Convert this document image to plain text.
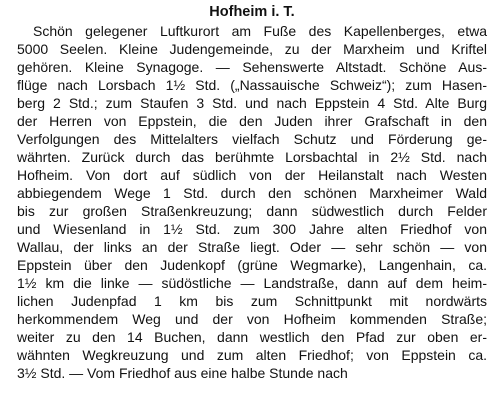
Hofheim i. T.
Schön gelegener Luftkurort am Fuße des Kapellenberges, etwa
5000 Seelen. Kleine Judengemeinde, zu der Marxheim und Kriftel
gehören. Kleine Synagoge. — Sehenswerte Altstadt. Schöne Aus-
flüge nach Lorsbach 1½ Std. („Nassauische Schweiz“); zum Hasen-
berg 2 Std.; zum Staufen 3 Std. und nach Eppstein 4 Std. Alte Burg
der Herren von Eppstein, die den Juden ihrer Grafschaft in den
Verfolgungen des Mittelalters vielfach Schutz und Förderung ge-
währten. Zurück durch das berühmte Lorsbachtal in 2½ Std. nach
Hofheim. Von dort auf südlich von der Heilanstalt nach Westen
abbiegendem Wege 1 Std. durch den schönen Marxheimer Wald
bis zur großen Straßenkreuzung; dann südwestlich durch Felder
und Wiesenland in 1½ Std. zum 300 Jahre alten Friedhof von
Wallau, der links an der Straße liegt. Oder — sehr schön — von
Eppstein über den Judenkopf (grüne Wegmarke), Langenhain, ca.
1½ km die linke — südöstliche — Landstraße, dann auf dem heim-
lichen Judenpfad 1 km bis zum Schnittpunkt mit nordwärts
herkommendem Weg und der von Hofheim kommenden Straße;
weiter zu den 14 Buchen, dann westlich den Pfad zur oben er-
wähnten Wegkreuzung und zum alten Friedhof; von Eppstein ca.
3½ Std. — Vom Friedhof aus eine halbe Stunde nach
